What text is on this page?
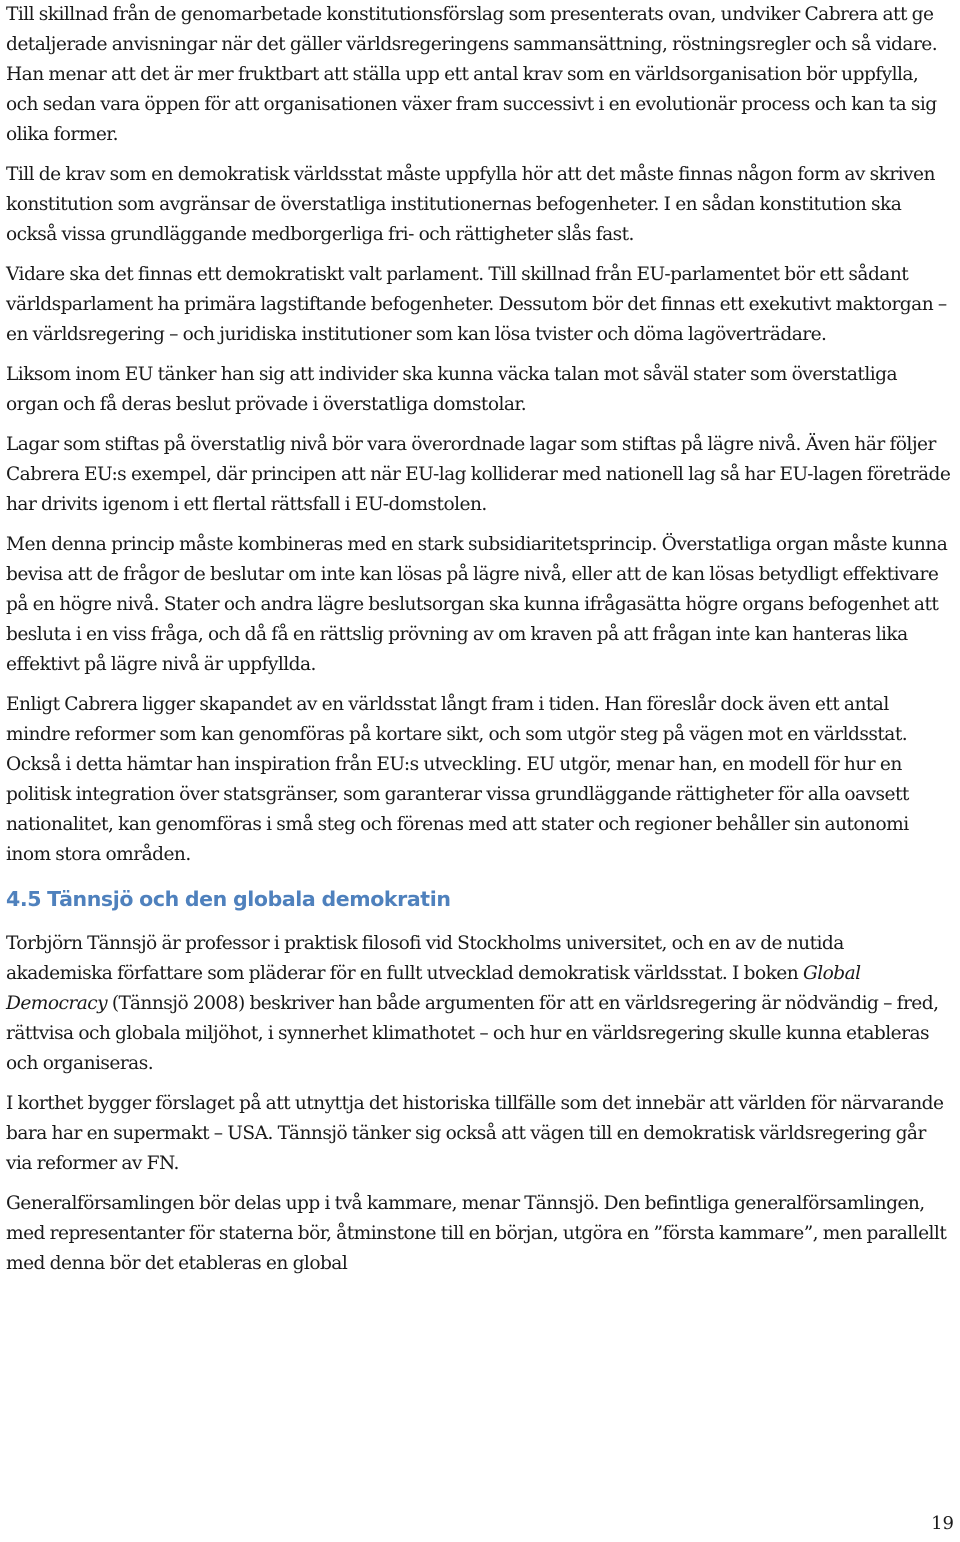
Till skillnad från de genomarbetade konstitutionsförslag som presenterats ovan, undviker Cabrera att ge detaljerade anvisningar när det gäller världsregeringens sammansättning, röstningsregler och så vidare. Han menar att det är mer fruktbart att ställa upp ett antal krav som en världsorganisation bör uppfylla, och sedan vara öppen för att organisationen växer fram successivt i en evolutionär process och kan ta sig olika former.

Till de krav som en demokratisk världsstat måste uppfylla hör att det måste finnas någon form av skriven konstitution som avgränsar de överstatliga institutionernas befogenheter. I en sådan konstitution ska också vissa grundläggande medborgerliga fri- och rättigheter slås fast.

Vidare ska det finnas ett demokratiskt valt parlament. Till skillnad från EU-parlamentet bör ett sådant världsparlament ha primära lagstiftande befogenheter. Dessutom bör det finnas ett exekutivt maktorgan – en världsregering – och juridiska institutioner som kan lösa tvister och döma lagöverträdare.

Liksom inom EU tänker han sig att individer ska kunna väcka talan mot såväl stater som överstatliga organ och få deras beslut prövade i överstatliga domstolar.

Lagar som stiftas på överstatlig nivå bör vara överordnade lagar som stiftas på lägre nivå. Även här följer Cabrera EU:s exempel, där principen att när EU-lag kolliderar med nationell lag så har EU-lagen företräde har drivits igenom i ett flertal rättsfall i EU-domstolen.

Men denna princip måste kombineras med en stark subsidiaritetsprincip. Överstatliga organ måste kunna bevisa att de frågor de beslutar om inte kan lösas på lägre nivå, eller att de kan lösas betydligt effektivare på en högre nivå. Stater och andra lägre beslutsorgan ska kunna ifrågasätta högre organs befogenhet att besluta i en viss fråga, och då få en rättslig prövning av om kraven på att frågan inte kan hanteras lika effektivt på lägre nivå är uppfyllda.

Enligt Cabrera ligger skapandet av en världsstat långt fram i tiden. Han föreslår dock även ett antal mindre reformer som kan genomföras på kortare sikt, och som utgör steg på vägen mot en världsstat. Också i detta hämtar han inspiration från EU:s utveckling. EU utgör, menar han, en modell för hur en politisk integration över statsgränser, som garanterar vissa grundläggande rättigheter för alla oavsett nationalitet, kan genomföras i små steg och förenas med att stater och regioner behåller sin autonomi inom stora områden.

4.5 Tännsjö och den globala demokratin

Torbjörn Tännsjö är professor i praktisk filosofi vid Stockholms universitet, och en av de nutida akademiska författare som pläderar för en fullt utvecklad demokratisk världsstat. I boken Global Democracy (Tännsjö 2008) beskriver han både argumenten för att en världsregering är nödvändig – fred, rättvisa och globala miljöhot, i synnerhet klimathotet – och hur en världsregering skulle kunna etableras och organiseras.

I korthet bygger förslaget på att utnyttja det historiska tillfälle som det innebär att världen för närvarande bara har en supermakt – USA. Tännsjö tänker sig också att vägen till en demokratisk världsregering går via reformer av FN.

Generalförsamlingen bör delas upp i två kammare, menar Tännsjö. Den befintliga generalförsamlingen, med representanter för staterna bör, åtminstone till en början, utgöra en ”första kammare”, men parallellt med denna bör det etableras en global

19
